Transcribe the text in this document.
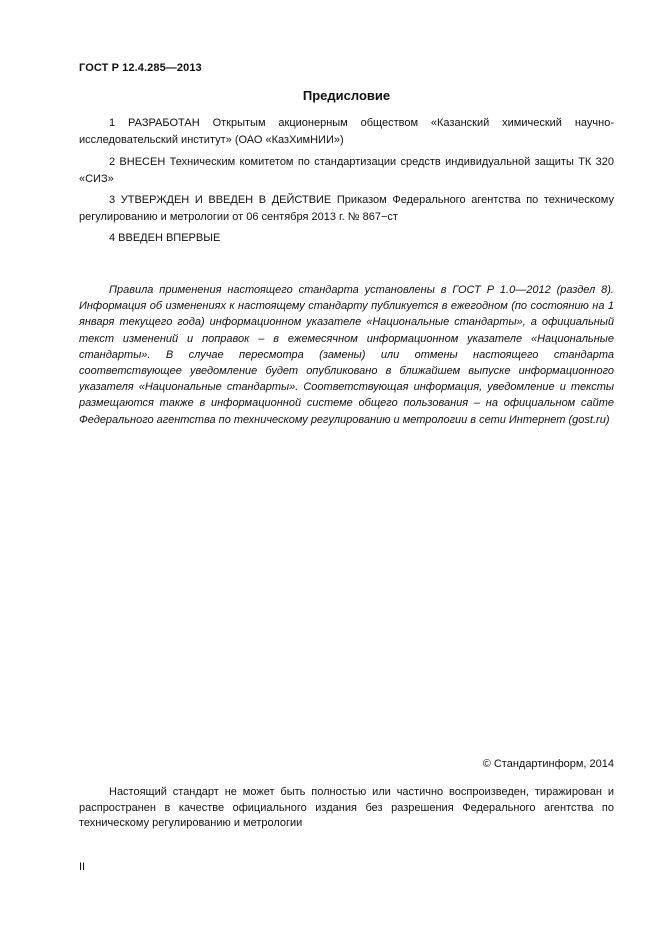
ГОСТ Р 12.4.285—2013
Предисловие
1 РАЗРАБОТАН Открытым акционерным обществом «Казанский химический научно-исследовательский институт» (ОАО «КазХимНИИ»)
2 ВНЕСЕН Техническим комитетом по стандартизации средств индивидуальной защиты ТК 320 «СИЗ»
3 УТВЕРЖДЕН И ВВЕДЕН В ДЕЙСТВИЕ Приказом Федерального агентства по техническому регулированию и метрологии от 06 сентября 2013 г. № 867−ст
4 ВВЕДЕН ВПЕРВЫЕ
Правила применения настоящего стандарта установлены в ГОСТ Р 1.0—2012 (раздел 8). Информация об изменениях к настоящему стандарту публикуется в ежегодном (по состоянию на 1 января текущего года) информационном указателе «Национальные стандарты», а официальный текст изменений и поправок – в ежемесячном информационном указателе «Национальные стандарты». В случае пересмотра (замены) или отмены настоящего стандарта соответствующее уведомление будет опубликовано в ближайшем выпуске информационного указателя «Национальные стандарты». Соответствующая информация, уведомление и тексты размещаются также в информационной системе общего пользования – на официальном сайте Федерального агентства по техническому регулированию и метрологии в сети Интернет (gost.ru)
© Стандартинформ, 2014
Настоящий стандарт не может быть полностью или частично воспроизведен, тиражирован и распространен в качестве официального издания без разрешения Федерального агентства по техническому регулированию и метрологии
II
